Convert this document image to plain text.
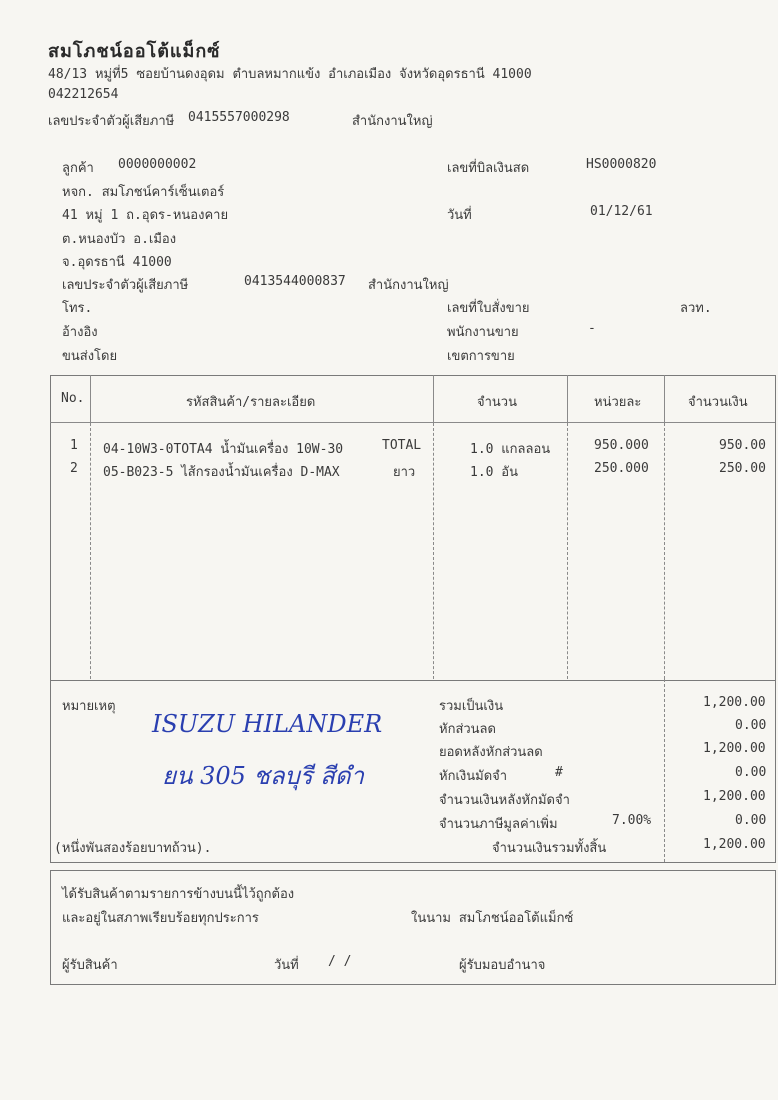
สมโภชน์ออโต้แม็กซ์
48/13 หมู่ที่5 ซอยบ้านดงอุดม ตำบลหมากแข้ง อำเภอเมือง จังหวัดอุดรธานี 41000
042212654
เลขประจำตัวผู้เสียภาษี 0415557000298	สำนักงานใหญ่
ลูกค้า 0000000002
หจก. สมโภชน์คาร์เซ็นเตอร์
41 หมู่ 1 ถ.อุดร-หนองคาย
ต.หนองบัว อ.เมือง
จ.อุดรธานี 41000
เลขประจำตัวผู้เสียภาษี	0413544000837 สำนักงานใหญ่
โทร.
อ้างอิง
ขนส่งโดย
เลขที่บิลเงินสด	HS0000820
วันที่	01/12/61
เลขที่ใบสั่งขาย	ลวท.
พนักงานขาย	-
เขตการขาย
No.	รหัสสินค้า/รายละเอียด	จำนวน	หน่วยละ	จำนวนเงิน
1 04-10W3-0TOTA4 น้ำมันเครื่อง 10W-30	TOTAL	1.0 แกลลอน	950.000	950.00
2 05-B023-5 ไส้กรองน้ำมันเครื่อง D-MAX	ยาว	1.0 อัน	250.000	250.00
หมายเหตุ
ISUZU HILANDER
ยน 305 ชลบุรี สีดำ
(หนึ่งพันสองร้อยบาทถ้วน).
รวมเป็นเงิน	1,200.00
หักส่วนลด	0.00
ยอดหลังหักส่วนลด	1,200.00
หักเงินมัดจำ	#	0.00
จำนวนเงินหลังหักมัดจำ	1,200.00
จำนวนภาษีมูลค่าเพิ่ม	7.00%	0.00
จำนวนเงินรวมทั้งสิ้น	1,200.00
ได้รับสินค้าตามรายการข้างบนนี้ไว้ถูกต้อง
และอยู่ในสภาพเรียบร้อยทุกประการ	ในนาม สมโภชน์ออโต้แม็กซ์
ผู้รับสินค้า	วันที่ / /	ผู้รับมอบอำนาจ
